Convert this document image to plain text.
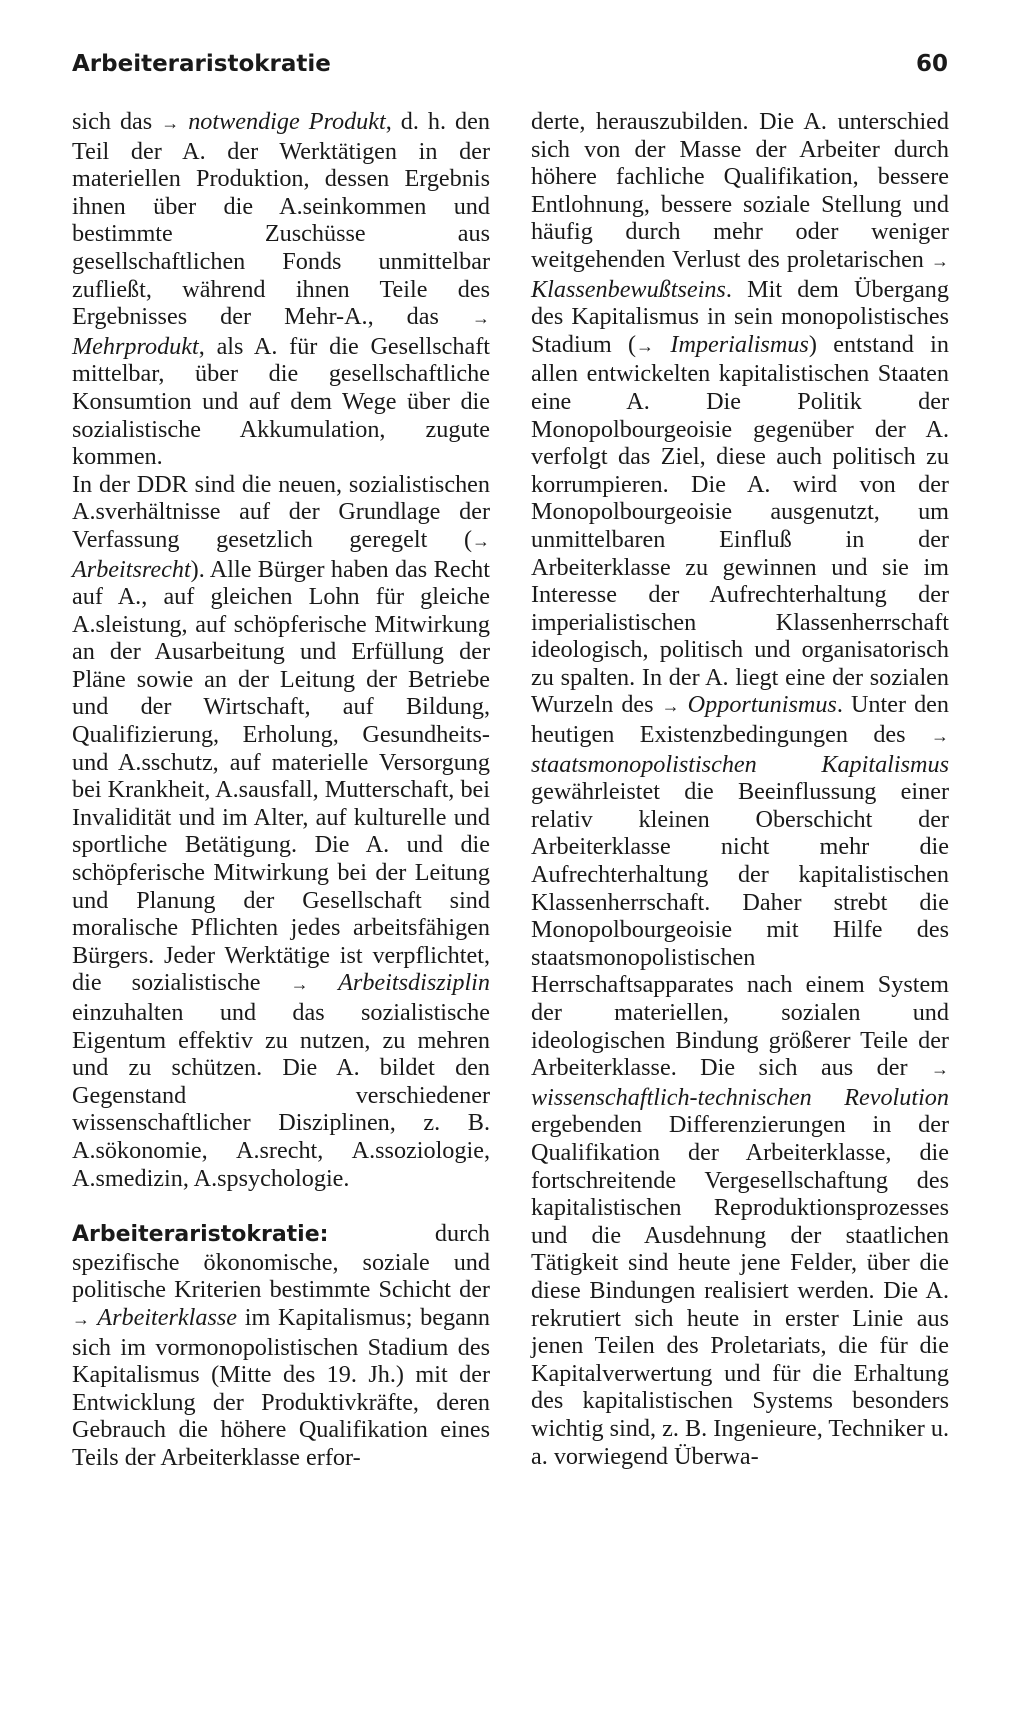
Arbeiteraristokratie	60

sich das → notwendige Produkt, d. h. den Teil der A. der Werktätigen in der materiellen Produktion, dessen Ergebnis ihnen über die A.seinkommen und bestimmte Zuschüsse aus gesellschaftlichen Fonds unmittelbar zufließt, während ihnen Teile des Ergebnisses der Mehr-A., das → Mehrprodukt, als A. für die Gesellschaft mittelbar, über die gesellschaftliche Konsumtion und auf dem Wege über die sozialistische Akkumulation, zugute kommen.

In der DDR sind die neuen, sozialistischen A.sverhältnisse auf der Grundlage der Verfassung gesetzlich geregelt (→ Arbeitsrecht). Alle Bürger haben das Recht auf A., auf gleichen Lohn für gleiche A.sleistung, auf schöpferische Mitwirkung an der Ausarbeitung und Erfüllung der Pläne sowie an der Leitung der Betriebe und der Wirtschaft, auf Bildung, Qualifizierung, Erholung, Gesundheits- und A.sschutz, auf materielle Versorgung bei Krankheit, A.sausfall, Mutterschaft, bei Invalidität und im Alter, auf kulturelle und sportliche Betätigung. Die A. und die schöpferische Mitwirkung bei der Leitung und Planung der Gesellschaft sind moralische Pflichten jedes arbeitsfähigen Bürgers. Jeder Werktätige ist verpflichtet, die sozialistische → Arbeitsdisziplin einzuhalten und das sozialistische Eigentum effektiv zu nutzen, zu mehren und zu schützen. Die A. bildet den Gegenstand verschiedener wissenschaftlicher Disziplinen, z. B. A.sökonomie, A.srecht, A.ssoziologie, A.smedizin, A.spsychologie.

Arbeiteraristokratie: durch spezifische ökonomische, soziale und politische Kriterien bestimmte Schicht der → Arbeiterklasse im Kapitalismus; begann sich im vormonopolistischen Stadium des Kapitalismus (Mitte des 19. Jh.) mit der Entwicklung der Produktivkräfte, deren Gebrauch die höhere Qualifikation eines Teils der Arbeiterklasse erfor-

derte, herauszubilden. Die A. unterschied sich von der Masse der Arbeiter durch höhere fachliche Qualifikation, bessere Entlohnung, bessere soziale Stellung und häufig durch mehr oder weniger weitgehenden Verlust des proletarischen → Klassenbewußtseins. Mit dem Übergang des Kapitalismus in sein monopolistisches Stadium (→ Imperialismus) entstand in allen entwickelten kapitalistischen Staaten eine A. Die Politik der Monopolbourgeoisie gegenüber der A. verfolgt das Ziel, diese auch politisch zu korrumpieren. Die A. wird von der Monopolbourgeoisie ausgenutzt, um unmittelbaren Einfluß in der Arbeiterklasse zu gewinnen und sie im Interesse der Aufrechterhaltung der imperialistischen Klassenherrschaft ideologisch, politisch und organisatorisch zu spalten. In der A. liegt eine der sozialen Wurzeln des → Opportunismus. Unter den heutigen Existenzbedingungen des → staatsmonopolistischen Kapitalismus gewährleistet die Beeinflussung einer relativ kleinen Oberschicht der Arbeiterklasse nicht mehr die Aufrechterhaltung der kapitalistischen Klassenherrschaft. Daher strebt die Monopolbourgeoisie mit Hilfe des staatsmonopolistischen Herrschaftsapparates nach einem System der materiellen, sozialen und ideologischen Bindung größerer Teile der Arbeiterklasse. Die sich aus der → wissenschaftlich-technischen Revolution ergebenden Differenzierungen in der Qualifikation der Arbeiterklasse, die fortschreitende Vergesellschaftung des kapitalistischen Reproduktionsprozesses und die Ausdehnung der staatlichen Tätigkeit sind heute jene Felder, über die diese Bindungen realisiert werden. Die A. rekrutiert sich heute in erster Linie aus jenen Teilen des Proletariats, die für die Kapitalverwertung und für die Erhaltung des kapitalistischen Systems besonders wichtig sind, z. B. Ingenieure, Techniker u. a. vorwiegend Überwa-
